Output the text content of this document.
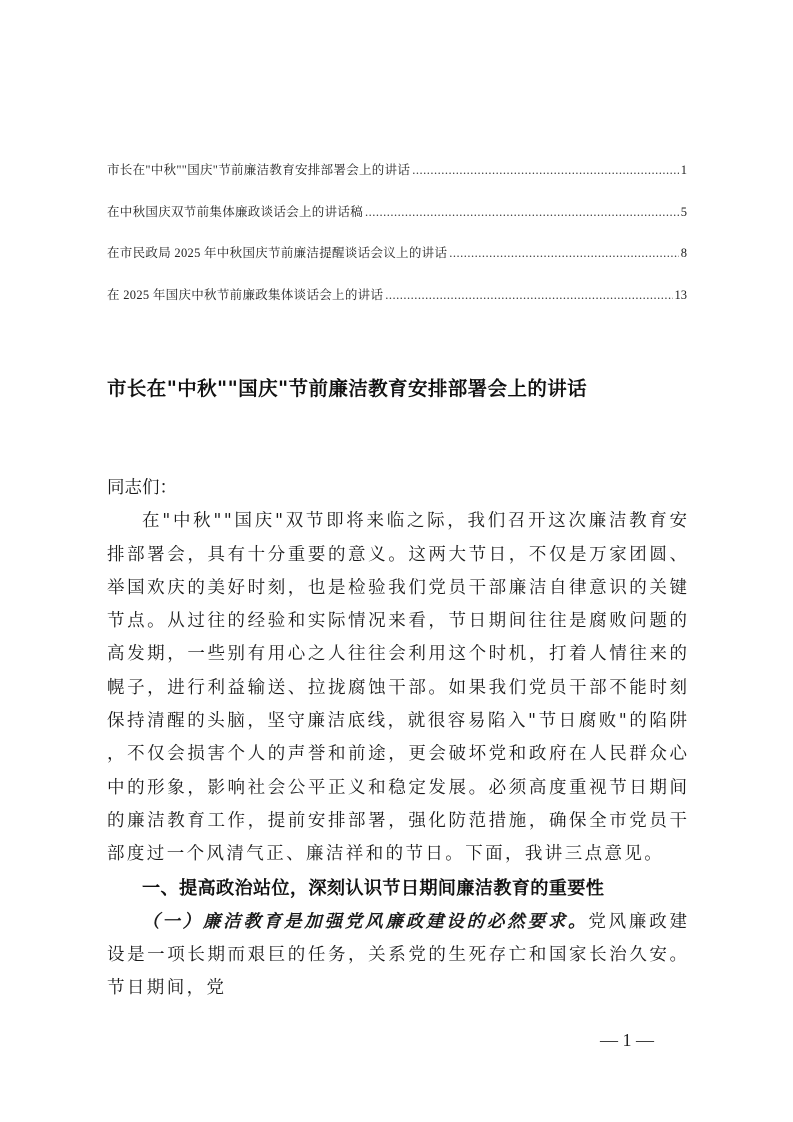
市长在"中秋""国庆"节前廉洁教育安排部署会上的讲话 .....	1
在中秋国庆双节前集体廉政谈话会上的讲话稿 .....	5
在市民政局 2025 年中秋国庆节前廉洁提醒谈话会议上的讲话 .....	8
在 2025 年国庆中秋节前廉政集体谈话会上的讲话 .....	13
市长在"中秋""国庆"节前廉洁教育安排部署会上的讲话
同志们：

在"中秋""国庆"双节即将来临之际，我们召开这次廉洁教育安排部署会，具有十分重要的意义。这两大节日，不仅是万家团圆、举国欢庆的美好时刻，也是检验我们党员干部廉洁自律意识的关键节点。从过往的经验和实际情况来看，节日期间往往是腐败问题的高发期，一些别有用心之人往往会利用这个时机，打着人情往来的幌子，进行利益输送、拉拢腐蚀干部。如果我们党员干部不能时刻保持清醒的头脑，坚守廉洁底线，就很容易陷入"节日腐败"的陷阱，不仅会损害个人的声誉和前途，更会破坏党和政府在人民群众心中的形象，影响社会公平正义和稳定发展。必须高度重视节日期间的廉洁教育工作，提前安排部署，强化防范措施，确保全市党员干部度过一个风清气正、廉洁祥和的节日。下面，我讲三点意见。

一、提高政治站位，深刻认识节日期间廉洁教育的重要性

（一）廉洁教育是加强党风廉政建设的必然要求。党风廉政建设是一项长期而艰巨的任务，关系党的生死存亡和国家长治久安。节日期间，党

— 1 —
